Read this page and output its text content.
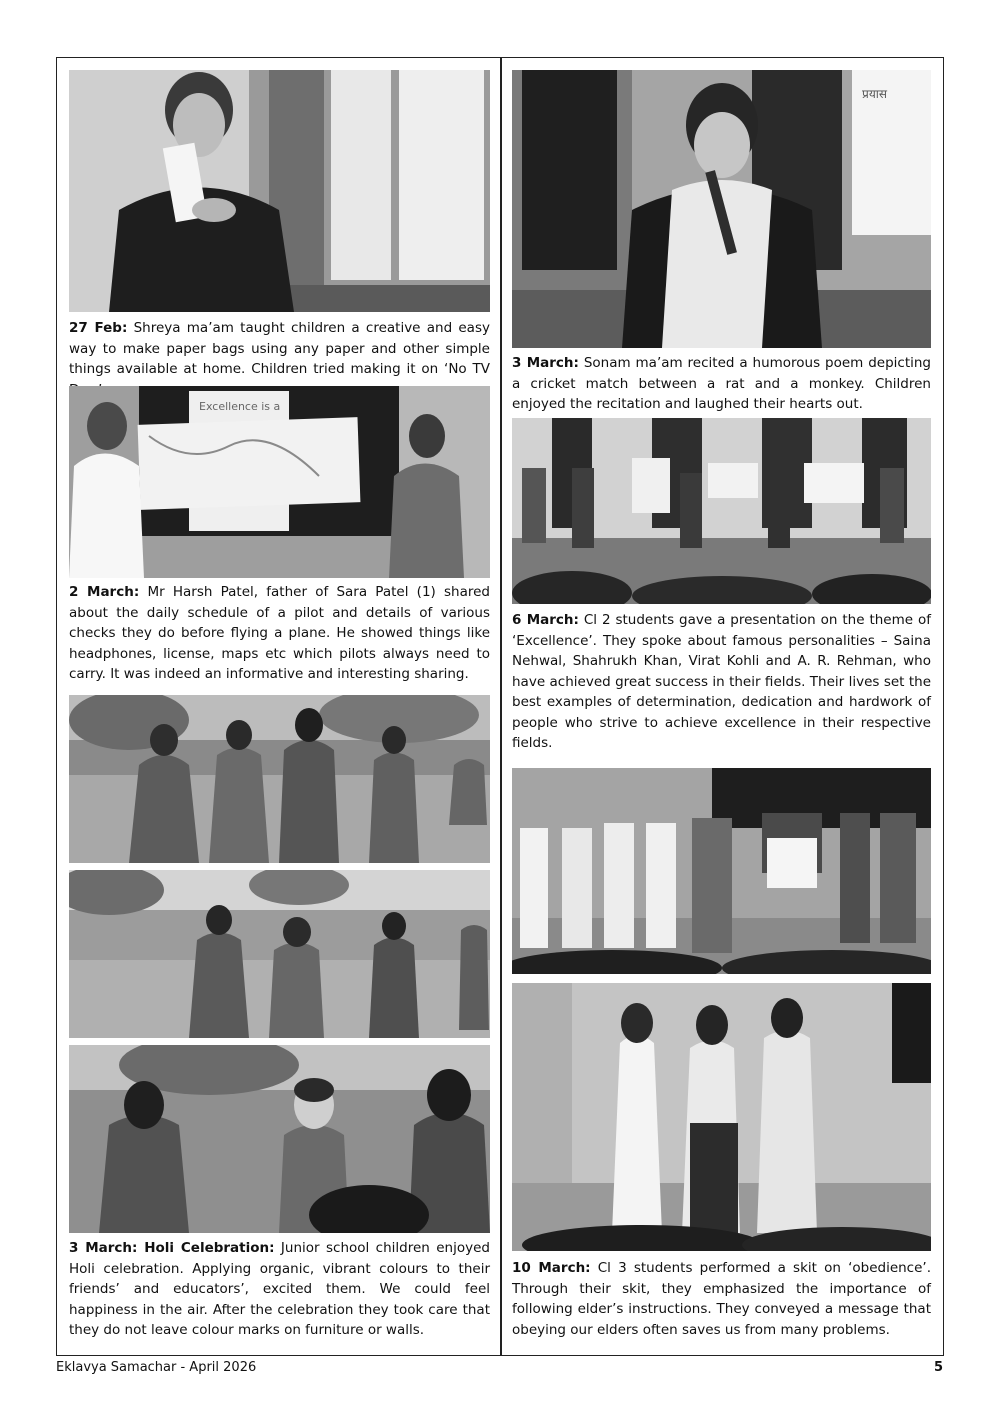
27 Feb: Shreya ma’am taught children a creative and easy way to make paper bags using any paper and other simple things available at home. Children tried making it on ‘No TV

Excellence is a

2 March: Mr Harsh Patel, father of Sara Patel (1) shared about the daily schedule of a pilot and details of various checks they do before flying a plane. He showed things like headphones, license, maps etc which pilots always need to carry. It was indeed an informative and interesting sharing.

3 March: Holi Celebration: Junior school children enjoyed Holi celebration. Applying organic, vibrant colours to their friends’ and educators’, excited them. We could feel happiness in the air. After the celebration they took care that they do not leave colour marks on furniture or walls.

प्रयास

3 March: Sonam ma’am recited a humorous poem depicting a cricket match between a rat and a monkey. Children enjoyed the recitation and laughed their hearts out.

6 March: Cl 2 students gave a presentation on the theme of ‘Excellence’. They spoke about famous personalities – Saina Nehwal, Shahrukh Khan, Virat Kohli and A. R. Rehman, who have achieved great success in their fields. Their lives set the best examples of determination, dedication and hardwork of people who strive to achieve excellence in their respective fields.

10 March: Cl 3 students performed a skit on ‘obedience’. Through their skit, they emphasized the importance of following elder’s instructions. They conveyed a message that obeying our elders often saves us from many problems.

Eklavya Samachar - April 2026	5
